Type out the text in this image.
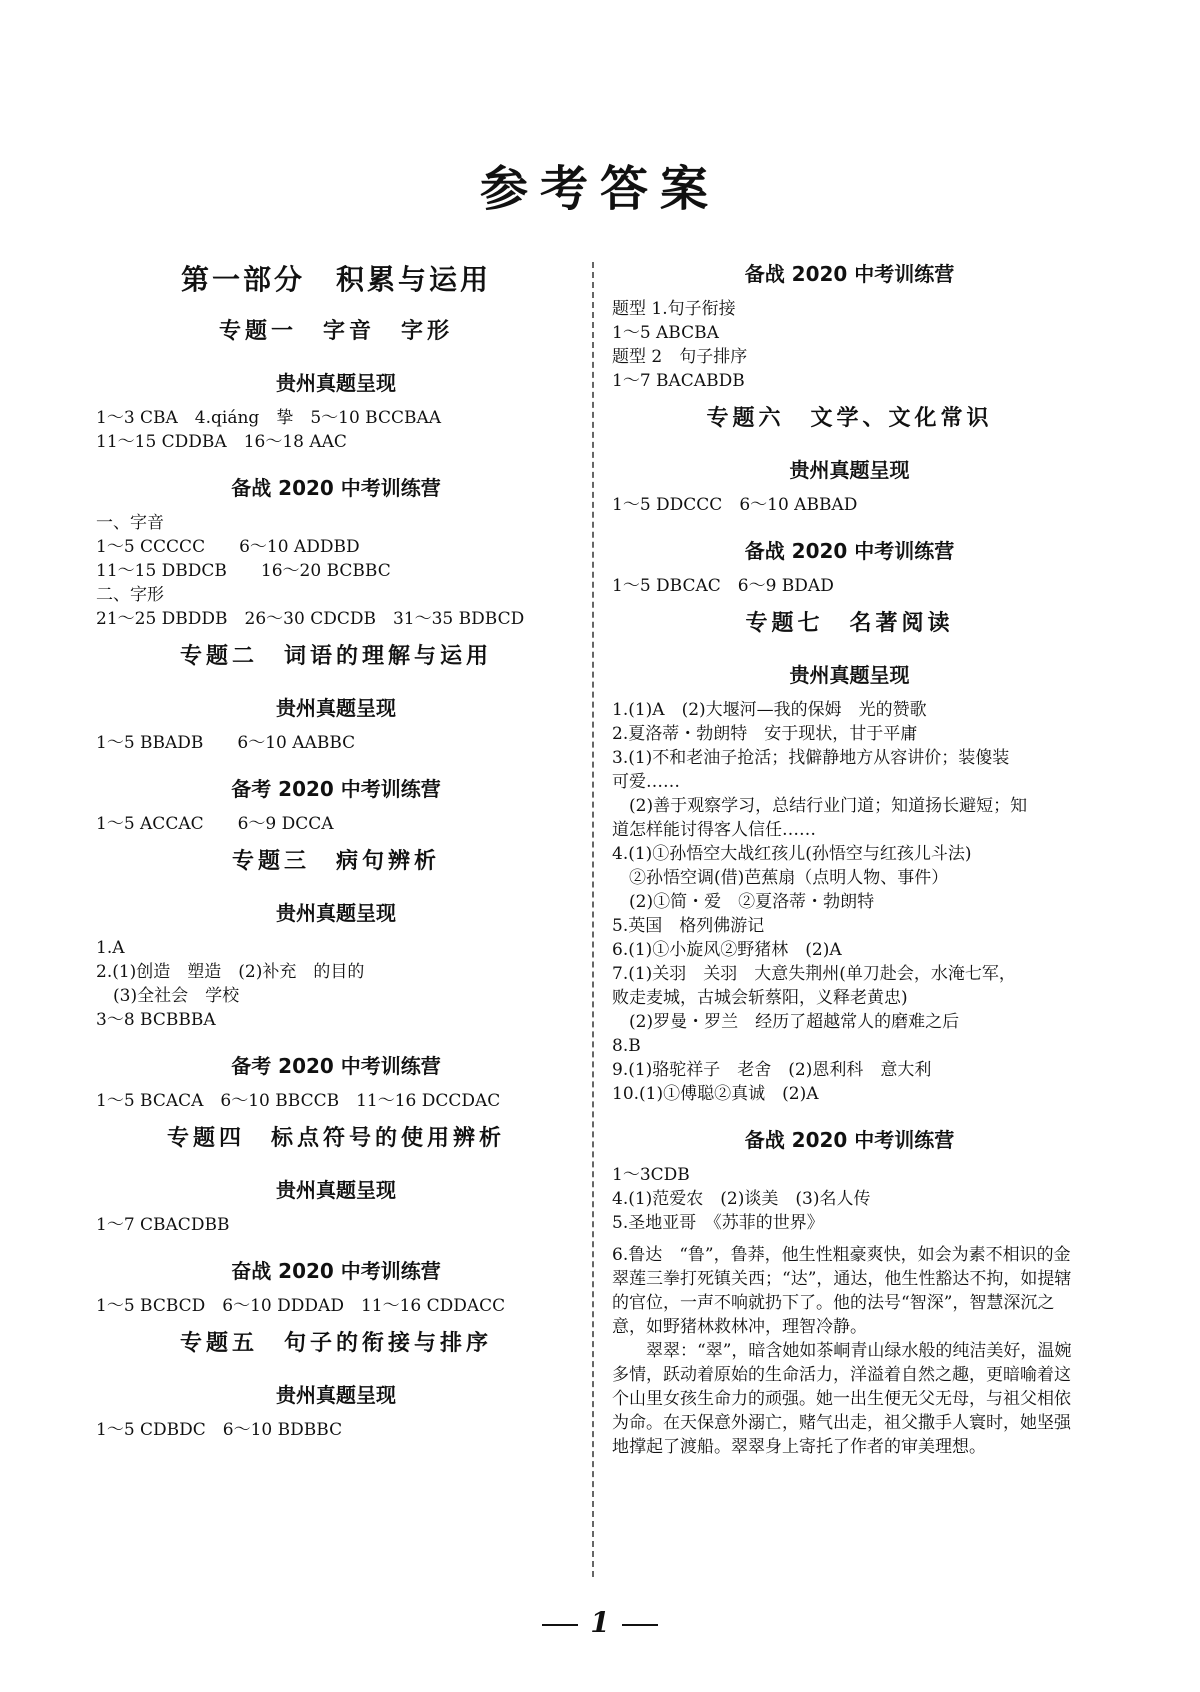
参考答案
第一部分　积累与运用
专题一　字音　字形
贵州真题呈现
1～3 CBA　4.qiáng　挚　5～10 BCCBAA
11～15 CDDBA　16～18 AAC
备战 2020 中考训练营
一、字音
1～5 CCCCC　　6～10 ADDBD
11～15 DBDCB　　16～20 BCBBC
二、字形
21～25 DBDDB　26～30 CDCDB　31～35 BDBCD
专题二　词语的理解与运用
贵州真题呈现
1～5 BBADB　　6～10 AABBC
备考 2020 中考训练营
1～5 ACCAC　　6～9 DCCA
专题三　病句辨析
贵州真题呈现
1.A
2.(1)创造　塑造　(2)补充　的目的
　(3)全社会　学校
3～8 BCBBBA
备考 2020 中考训练营
1～5 BCACA　6～10 BBCCB　11～16 DCCDAC
专题四　标点符号的使用辨析
贵州真题呈现
1～7 CBACDBB
奋战 2020 中考训练营
1～5 BCBCD　6～10 DDDAD　11～16 CDDACC
专题五　句子的衔接与排序
贵州真题呈现
1～5 CDBDC　6～10 BDBBC
备战 2020 中考训练营
题型 1.句子衔接
1～5 ABCBA
题型 2　句子排序
1～7 BACABDB
专题六　文学、文化常识
贵州真题呈现
1～5 DDCCC　6～10 ABBAD
备战 2020 中考训练营
1～5 DBCAC　6～9 BDAD
专题七　名著阅读
贵州真题呈现
1.(1)A　(2)大堰河—我的保姆　光的赞歌
2.夏洛蒂・勃朗特　安于现状，甘于平庸
3.(1)不和老油子抢活；找僻静地方从容讲价；装傻装
可爱……
　(2)善于观察学习，总结行业门道；知道扬长避短；知
道怎样能讨得客人信任……
4.(1)①孙悟空大战红孩儿(孙悟空与红孩儿斗法)
　②孙悟空调(借)芭蕉扇（点明人物、事件）
　(2)①简・爱　②夏洛蒂・勃朗特
5.英国　格列佛游记
6.(1)①小旋风②野猪林　(2)A
7.(1)关羽　关羽　大意失荆州(单刀赴会，水淹七军，
败走麦城，古城会斩蔡阳，义释老黄忠)
　(2)罗曼・罗兰　经历了超越常人的磨难之后
8.B
9.(1)骆驼祥子　老舍　(2)恩利科　意大利
10.(1)①傅聪②真诚　(2)A
备战 2020 中考训练营
1～3CDB
4.(1)范爱农　(2)谈美　(3)名人传
5.圣地亚哥　《苏菲的世界》
6.鲁达　“鲁”，鲁莽，他生性粗豪爽快，如会为素不相识的金翠莲三拳打死镇关西；“达”，通达，他生性豁达不拘，如提辖的官位，一声不响就扔下了。他的法号“智深”，智慧深沉之意，如野猪林救林冲，理智冷静。
翠翠：“翠”，暗含她如茶峒青山绿水般的纯洁美好，温婉多情，跃动着原始的生命活力，洋溢着自然之趣，更暗喻着这个山里女孩生命力的顽强。她一出生便无父无母，与祖父相依为命。在天保意外溺亡，赌气出走，祖父撒手人寰时，她坚强地撑起了渡船。翠翠身上寄托了作者的审美理想。
1
